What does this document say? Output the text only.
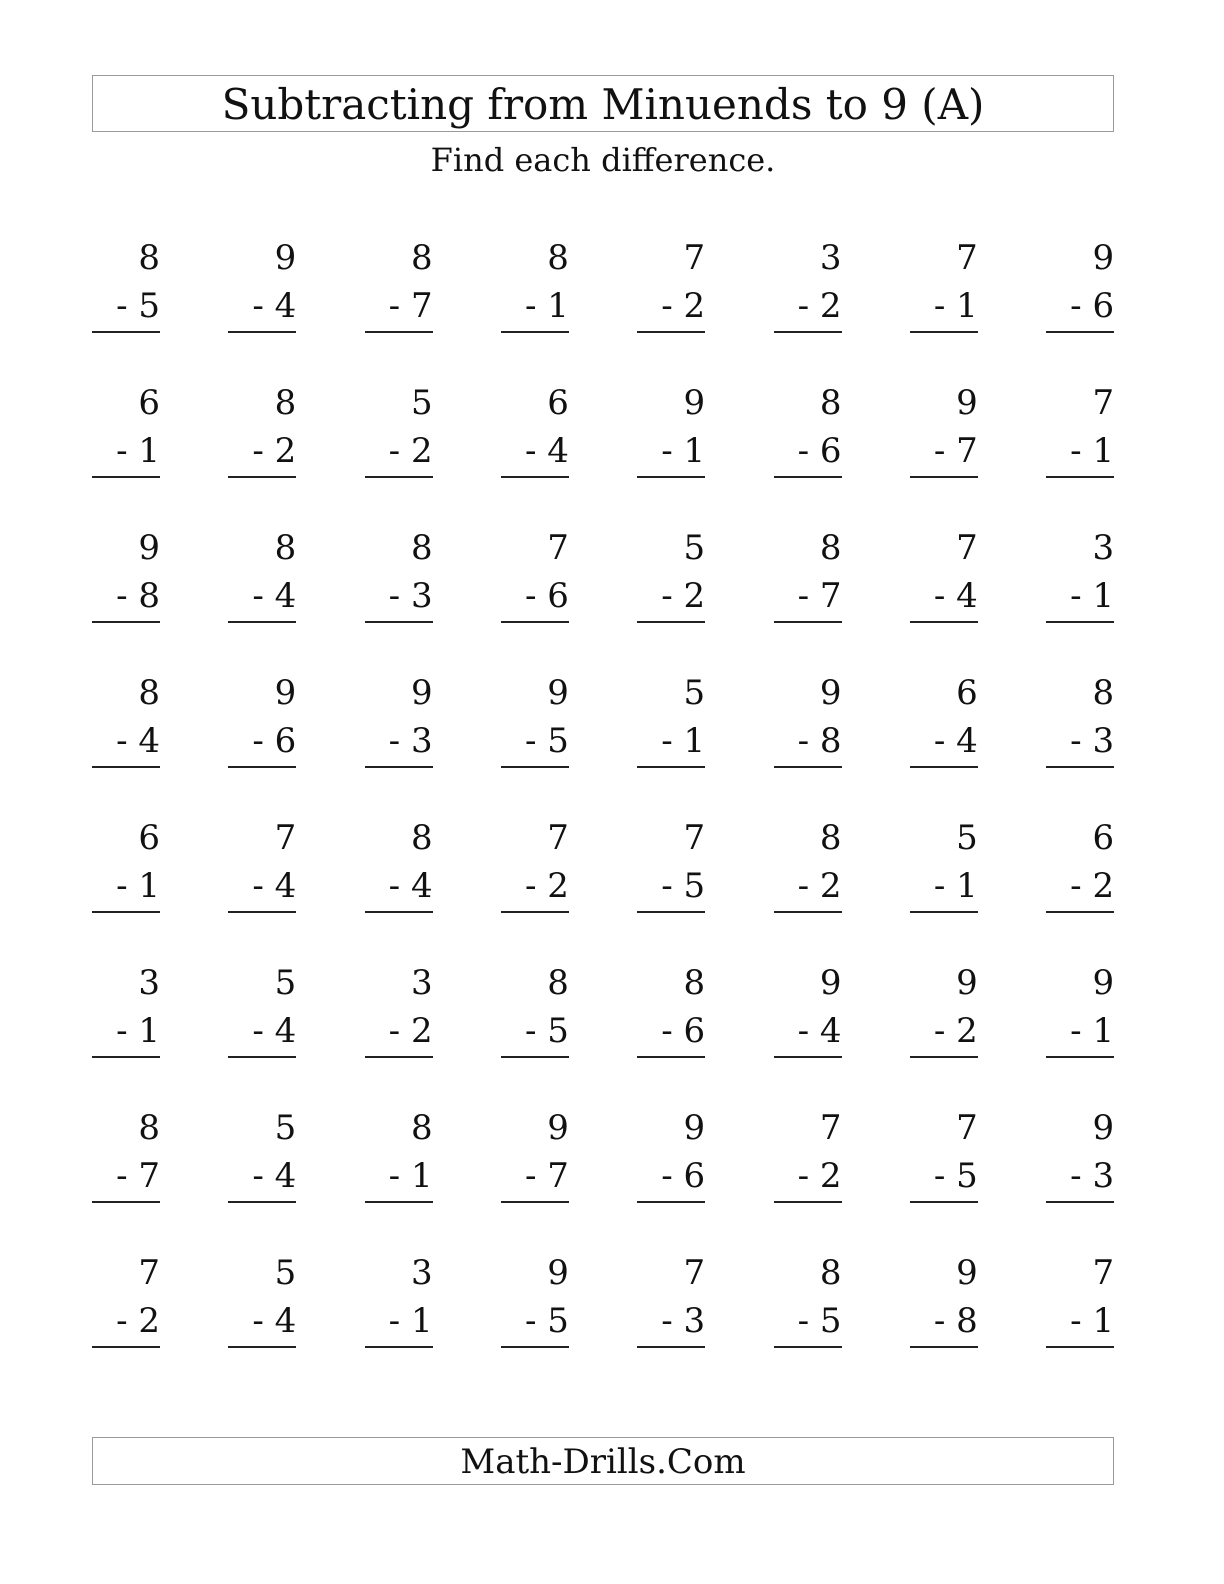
Subtracting from Minuends to 9 (A)

Find each difference.

8
- 5
9
- 4
8
- 7
8
- 1
7
- 2
3
- 2
7
- 1
9
- 6
6
- 1
8
- 2
5
- 2
6
- 4
9
- 1
8
- 6
9
- 7
7
- 1
9
- 8
8
- 4
8
- 3
7
- 6
5
- 2
8
- 7
7
- 4
3
- 1
8
- 4
9
- 6
9
- 3
9
- 5
5
- 1
9
- 8
6
- 4
8
- 3
6
- 1
7
- 4
8
- 4
7
- 2
7
- 5
8
- 2
5
- 1
6
- 2
3
- 1
5
- 4
3
- 2
8
- 5
8
- 6
9
- 4
9
- 2
9
- 1
8
- 7
5
- 4
8
- 1
9
- 7
9
- 6
7
- 2
7
- 5
9
- 3
7
- 2
5
- 4
3
- 1
9
- 5
7
- 3
8
- 5
9
- 8
7
- 1
Math-Drills.Com
